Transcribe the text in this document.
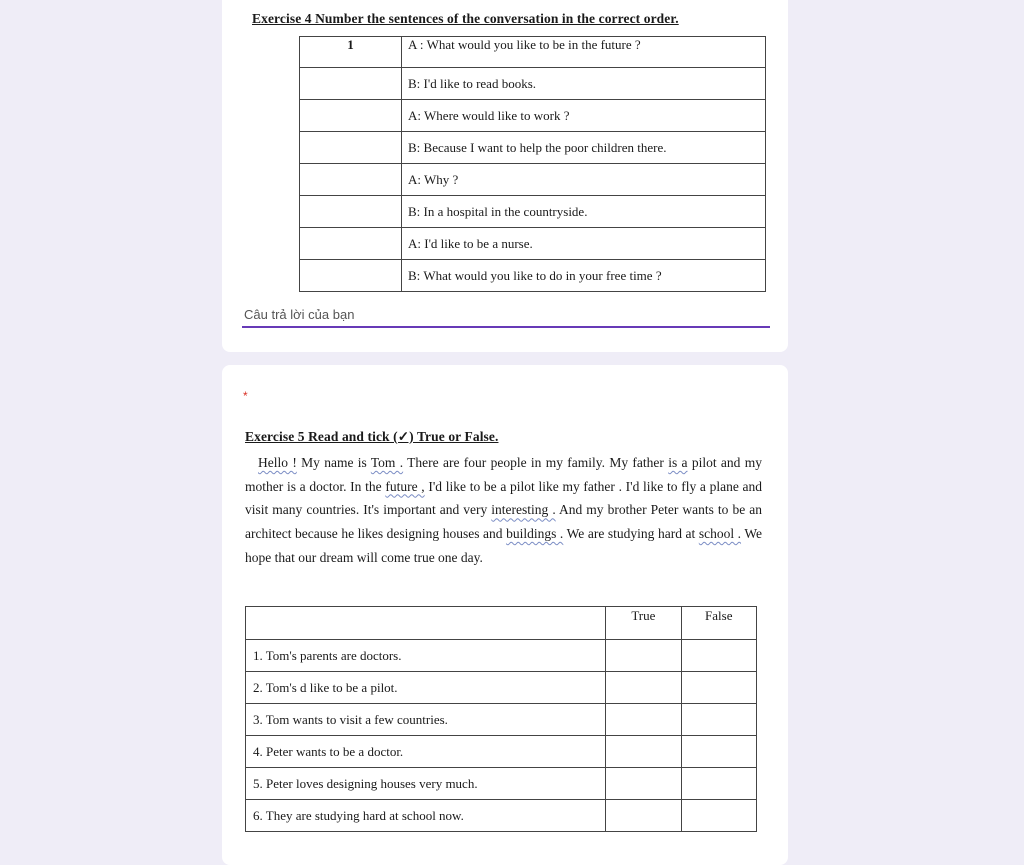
Exercise 4 Number the sentences of the conversation in the correct order.
1	A : What would you like to be in the future ?
	B: I'd like to read books.
	A: Where would like to work ?
	B: Because I want to help the poor children there.
	A: Why ?
	B: In a hospital in the countryside.
	A: I'd like to be a nurse.
	B: What would you like to do in your free time ?
Câu trả lời của bạn
*
Exercise 5 Read and tick (✓) True or False.
Hello ! My name is Tom . There are four people in my family. My father is a pilot and my mother is a doctor. In the future , I'd like to be a pilot like my father . I'd like to fly a plane and visit many countries. It's important and very interesting . And my brother Peter wants to be an architect because he likes designing houses and buildings . We are studying hard at school . We hope that our dream will come true one day.
	True	False
1. Tom's parents are doctors.		
2. Tom's d like to be a pilot.		
3. Tom wants to visit a few countries.		
4. Peter wants to be a doctor.		
5. Peter loves designing houses very much.		
6. They are studying hard at school now.		
